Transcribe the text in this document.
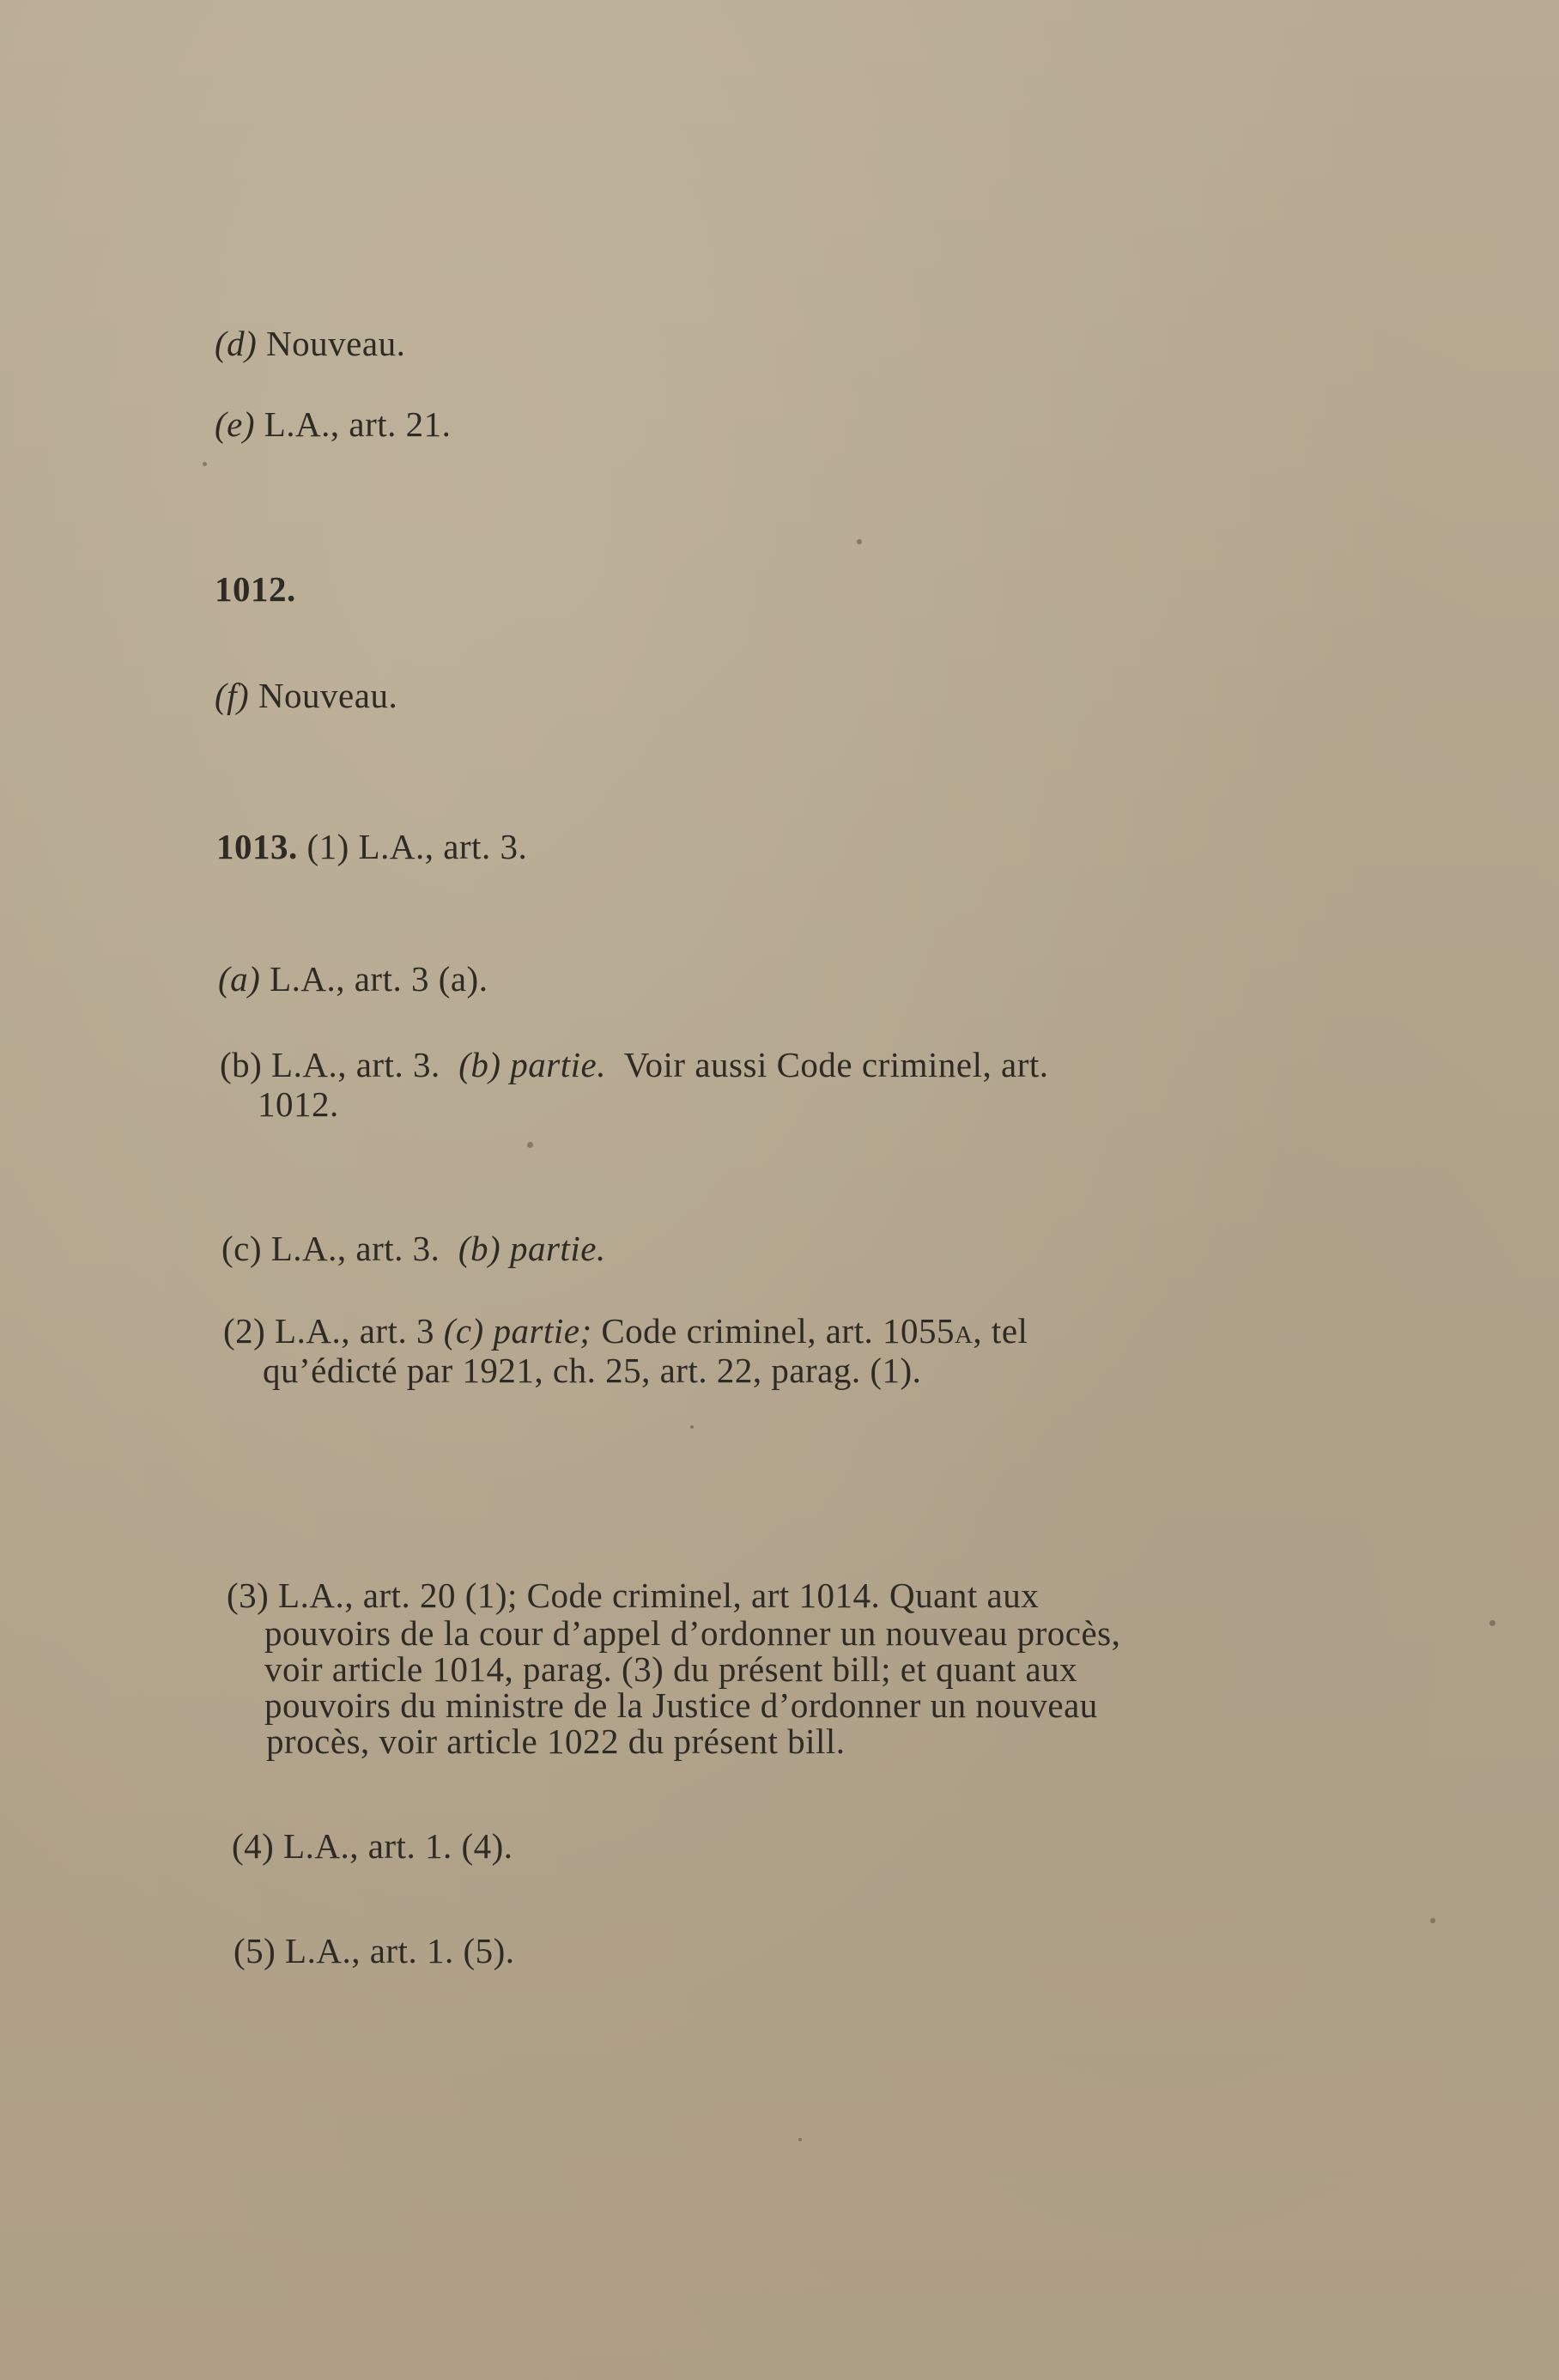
(d) Nouveau.
(e) L.A., art. 21.
1012.
(f) Nouveau.
1013. (1) L.A., art. 3.
(a) L.A., art. 3 (a).
(b) L.A., art. 3. (b) partie. Voir aussi Code criminel, art.
1012.
(c) L.A., art. 3. (b) partie.
(2) L.A., art. 3 (c) partie; Code criminel, art. 1055a, tel
qu’édicté par 1921, ch. 25, art. 22, parag. (1).
(3) L.A., art. 20 (1); Code criminel, art 1014. Quant aux
pouvoirs de la cour d’appel d’ordonner un nouveau procès,
voir article 1014, parag. (3) du présent bill; et quant aux
pouvoirs du ministre de la Justice d’ordonner un nouveau
procès, voir article 1022 du présent bill.
(4) L.A., art. 1. (4).
(5) L.A., art. 1. (5).
